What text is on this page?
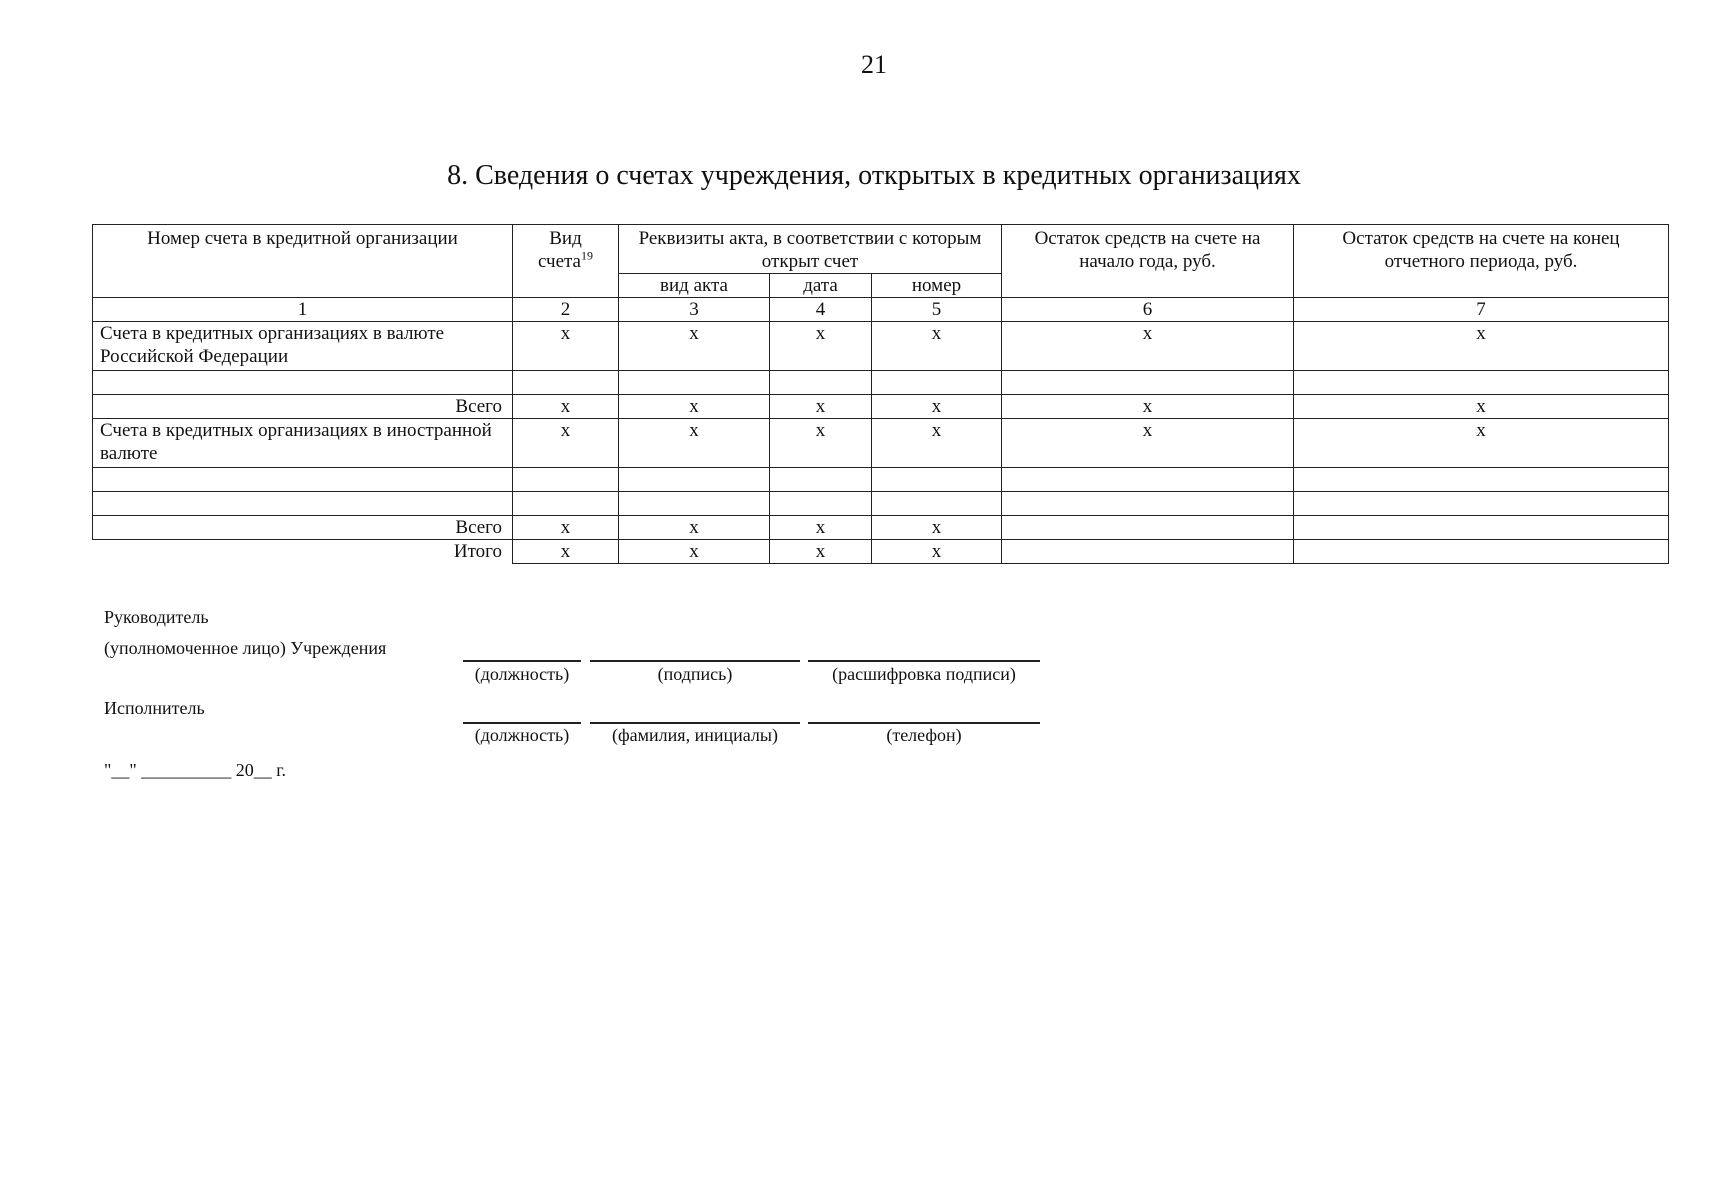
21
8. Сведения о счетах учреждения, открытых в кредитных организациях
Номер счета в кредитной организации	Вид счета$^{19}$	Реквизиты акта, в соответствии с которым открыт счет			Остаток средств на счете на начало года, руб.	Остаток средств на счете на конец отчетного периода, руб.
		вид акта	дата	номер		
1	2	3	4	5	6	7
Счета в кредитных организациях в валюте Российской Федерации	х	х	х	х	х	х

Всего	х	х	х	х	х	х
Счета в кредитных организациях в иностранной валюте	х	х	х	х	х	х

Всего	х	х	х	х		
Итого	х	х	х	х		
Руководитель
(уполномоченное лицо) Учреждения
(должность)	(подпись)	(расшифровка подписи)
Исполнитель
(должность)	(фамилия, инициалы)	(телефон)
"__" __________ 20__ г.
